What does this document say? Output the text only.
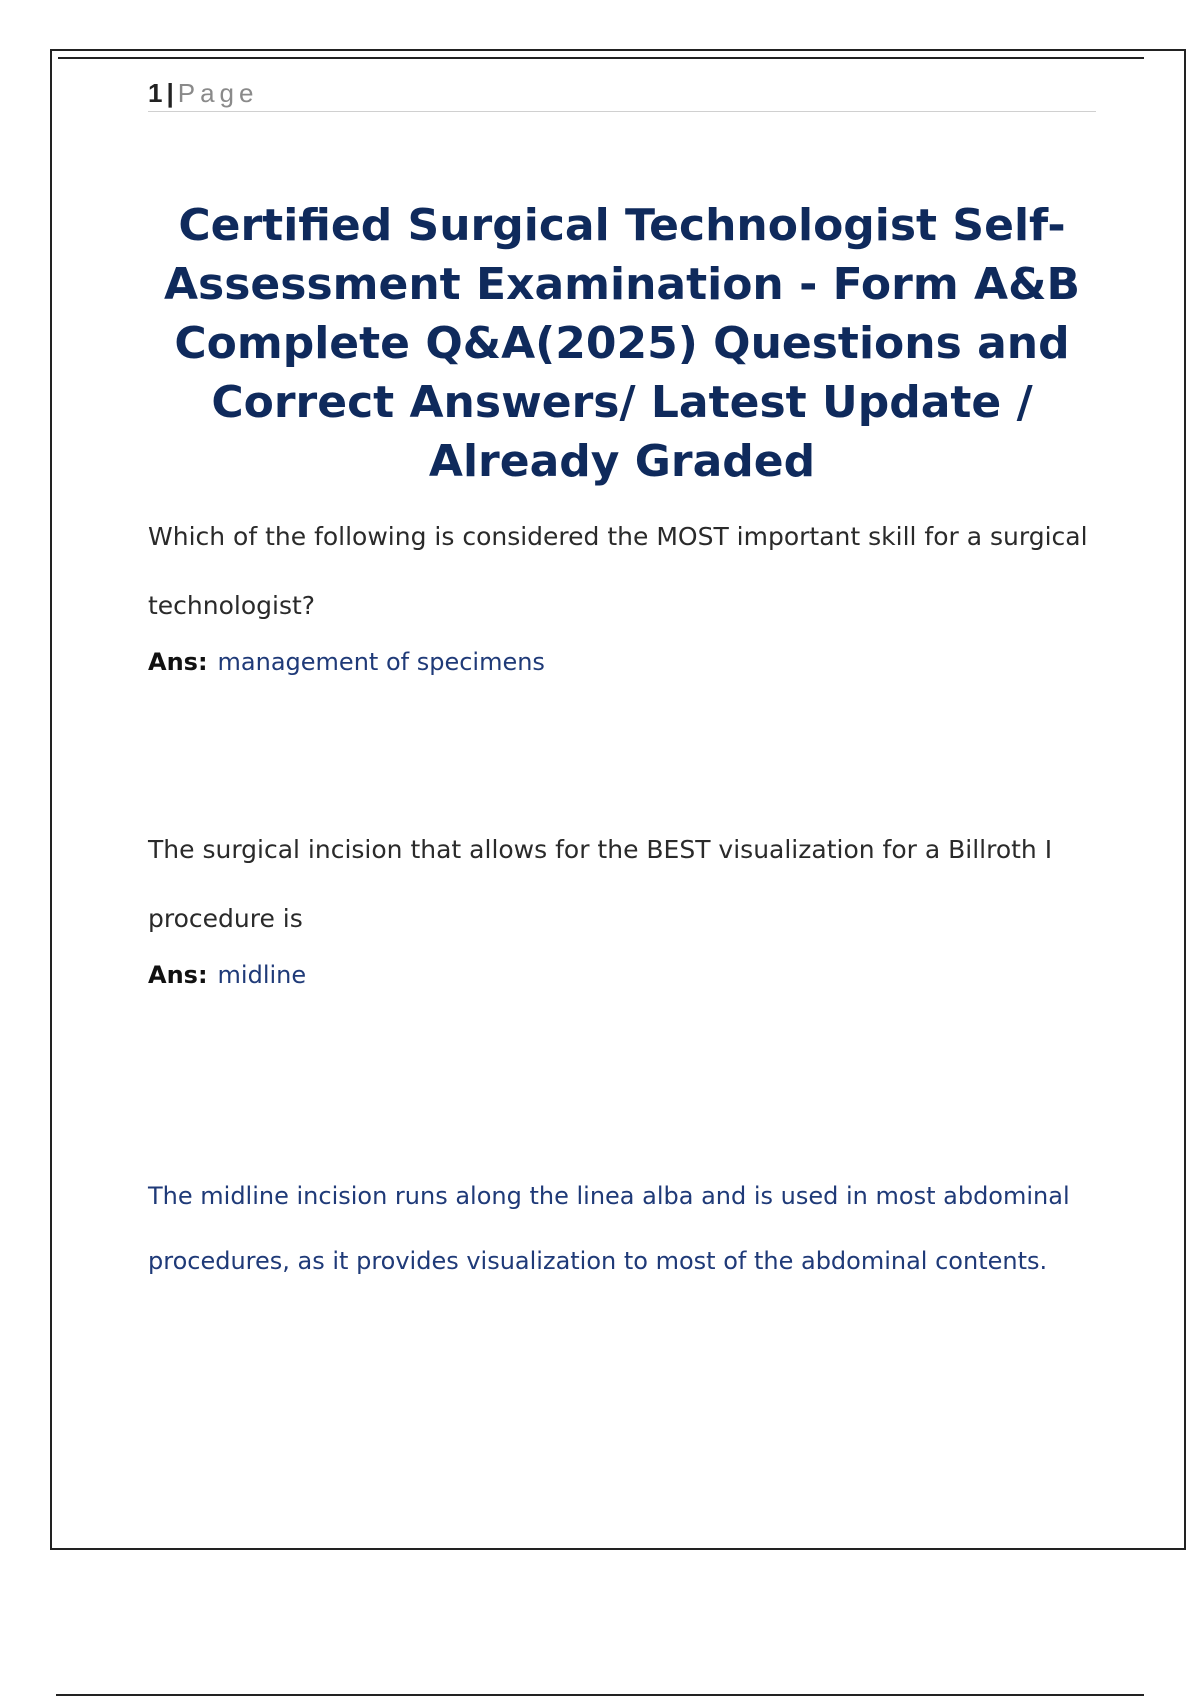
1 | Page
Certified Surgical Technologist Self-Assessment Examination - Form A&B Complete Q&A(2025) Questions and Correct Answers/ Latest Update / Already Graded

Which of the following is considered the MOST important skill for a surgical technologist?

Ans: management of specimens

The surgical incision that allows for the BEST visualization for a Billroth I procedure is

Ans: midline

The midline incision runs along the linea alba and is used in most abdominal procedures, as it provides visualization to most of the abdominal contents.
